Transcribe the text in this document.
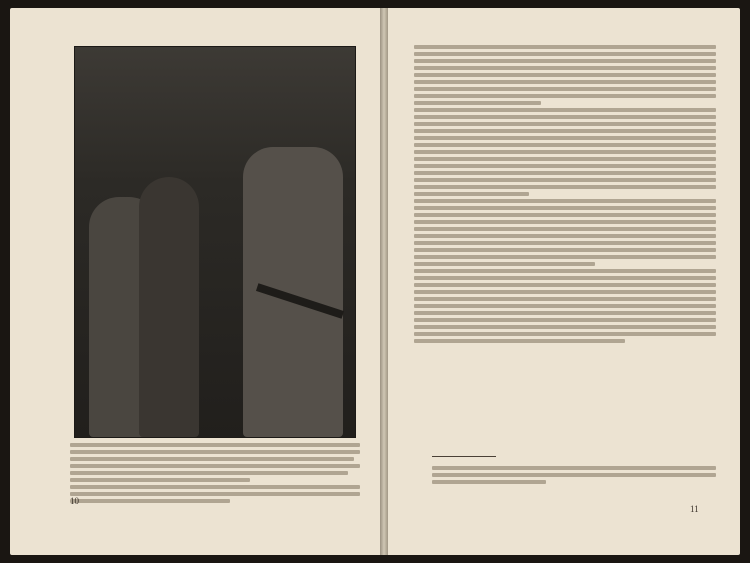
10
11
